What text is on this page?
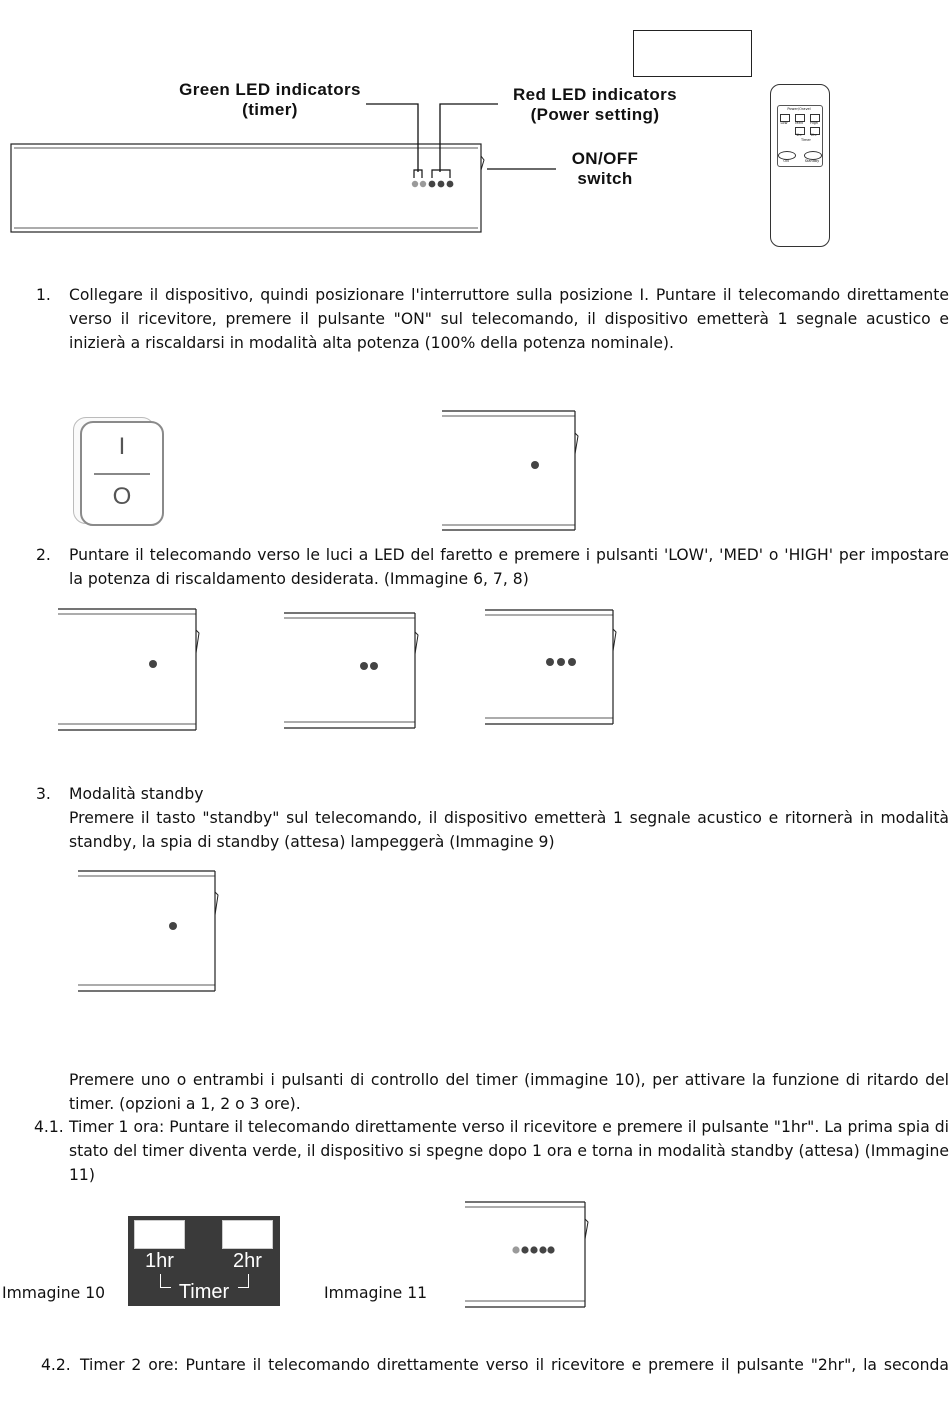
Green LED indicators
(timer)
Red LED indicators
(Power setting)
ON/OFF
switch
Power/Oravel
Low	Med	High
1hr	2hr
Timer
ON	Standby
1. Collegare il dispositivo, quindi posizionare l'interruttore sulla posizione I. Puntare il telecomando direttamente verso il ricevitore, premere il pulsante "ON" sul telecomando, il dispositivo emetterà 1 segnale acustico e inizierà a riscaldarsi in modalità alta potenza (100% della potenza nominale).
I
O
2. Puntare il telecomando verso le luci a LED del faretto e premere i pulsanti 'LOW', 'MED' o 'HIGH' per impostare la potenza di riscaldamento desiderata. (Immagine 6, 7, 8)
3. Modalità standby
Premere il tasto "standby" sul telecomando, il dispositivo emetterà 1 segnale acustico e ritornerà in modalità standby, la spia di standby (attesa) lampeggerà (Immagine 9)
Premere uno o entrambi i pulsanti di controllo del timer (immagine 10), per attivare la funzione di ritardo del timer. (opzioni a 1, 2 o 3 ore).
4.1. Timer 1 ora: Puntare il telecomando direttamente verso il ricevitore e premere il pulsante "1hr". La prima spia di stato del timer diventa verde, il dispositivo si spegne dopo 1 ora e torna in modalità standby (attesa) (Immagine 11)
Immagine 10
1hr	2hr
Timer	Immagine 11
4.2. Timer 2 ore: Puntare il telecomando direttamente verso il ricevitore e premere il pulsante "2hr", la seconda
